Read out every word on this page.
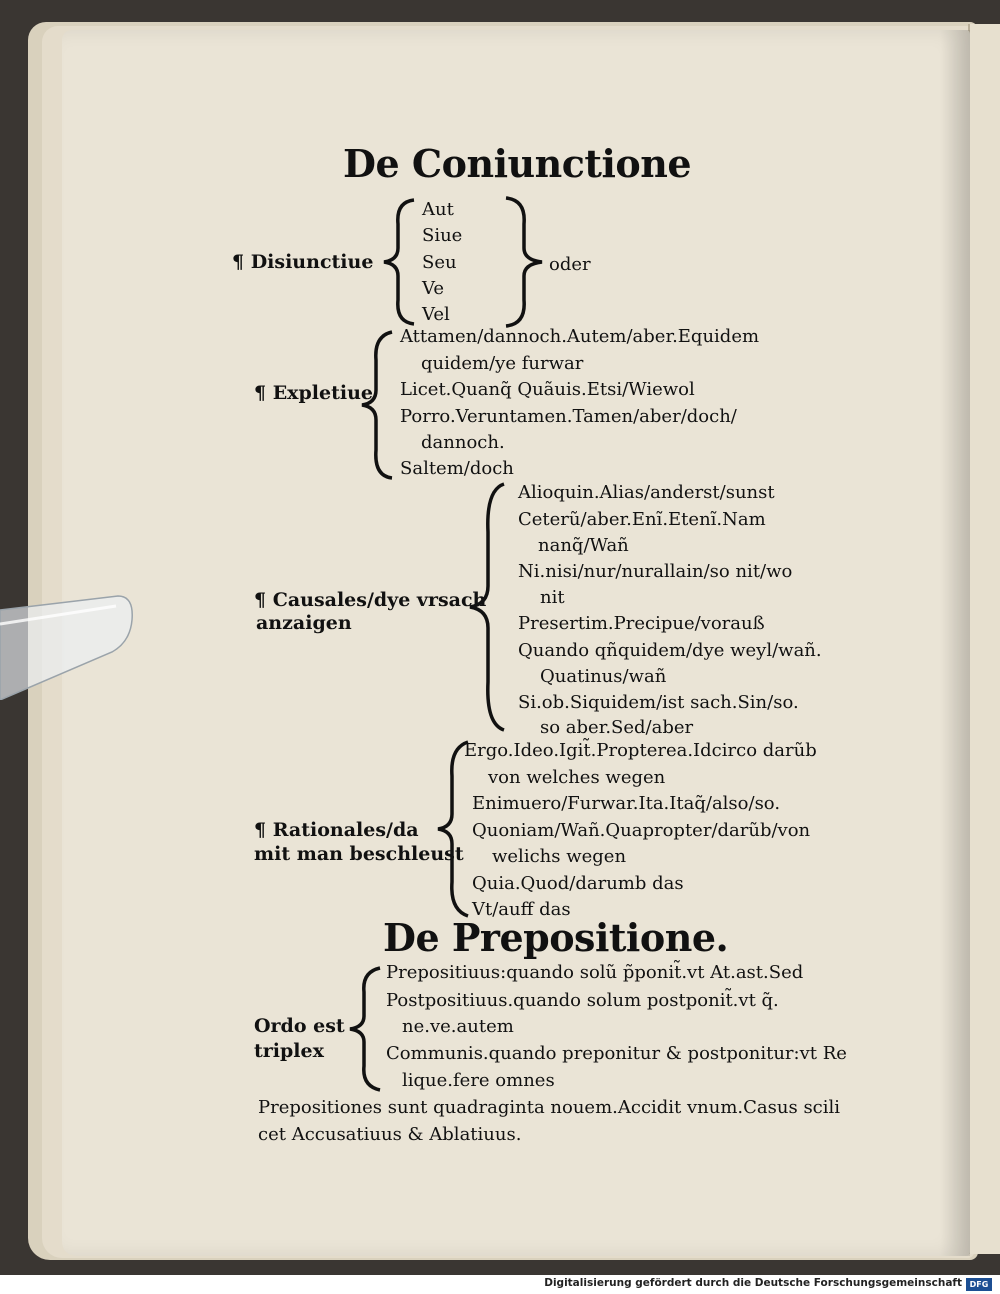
De Coniunctione
¶ Disiunctiue
Aut
Siue
Seu
Ve
Vel
oder
¶ Expletiue
Attamen/dannoch.Autem/aber.Equidem
quidem/ye furwar
Licet.Quanq̃ Quãuis.Etsi/Wiewol
Porro.Veruntamen.Tamen/aber/doch/
dannoch.
Saltem/doch
¶ Causales/dye vrsach
anzaigen
Alioquin.Alias/anderst/sunst
Ceterũ/aber.Enĩ.Etenĩ.Nam
nanq̃/Wañ
Ni.nisi/nur/nurallain/so nit/wo
nit
Presertim.Precipue/vorauß
Quando qñquidem/dye weyl/wañ.
Quatinus/wañ
Si.ob.Siquidem/ist sach.Sin/so.
so aber.Sed/aber
¶ Rationales/da
mit man beschleust
Ergo.Ideo.Igit̃.Propterea.Idcirco darũb
von welches wegen
Enimuero/Furwar.Ita.Itaq̃/also/so.
Quoniam/Wañ.Quapropter/darũb/von
welichs wegen
Quia.Quod/darumb das
Vt/auff das
De Prepositione.
Ordo est
triplex
Prepositiuus:quando solũ p̃ponit̃.vt At.ast.Sed
Postpositiuus.quando solum postponit̃.vt q̃.
ne.ve.autem
Communis.quando preponitur & postponitur:vt Re
lique.fere omnes
Prepositiones sunt quadraginta nouem.Accidit vnum.Casus scili
cet Accusatiuus & Ablatiuus.
Digitalisierung gefördert durch die Deutsche Forschungsgemeinschaft DFG
